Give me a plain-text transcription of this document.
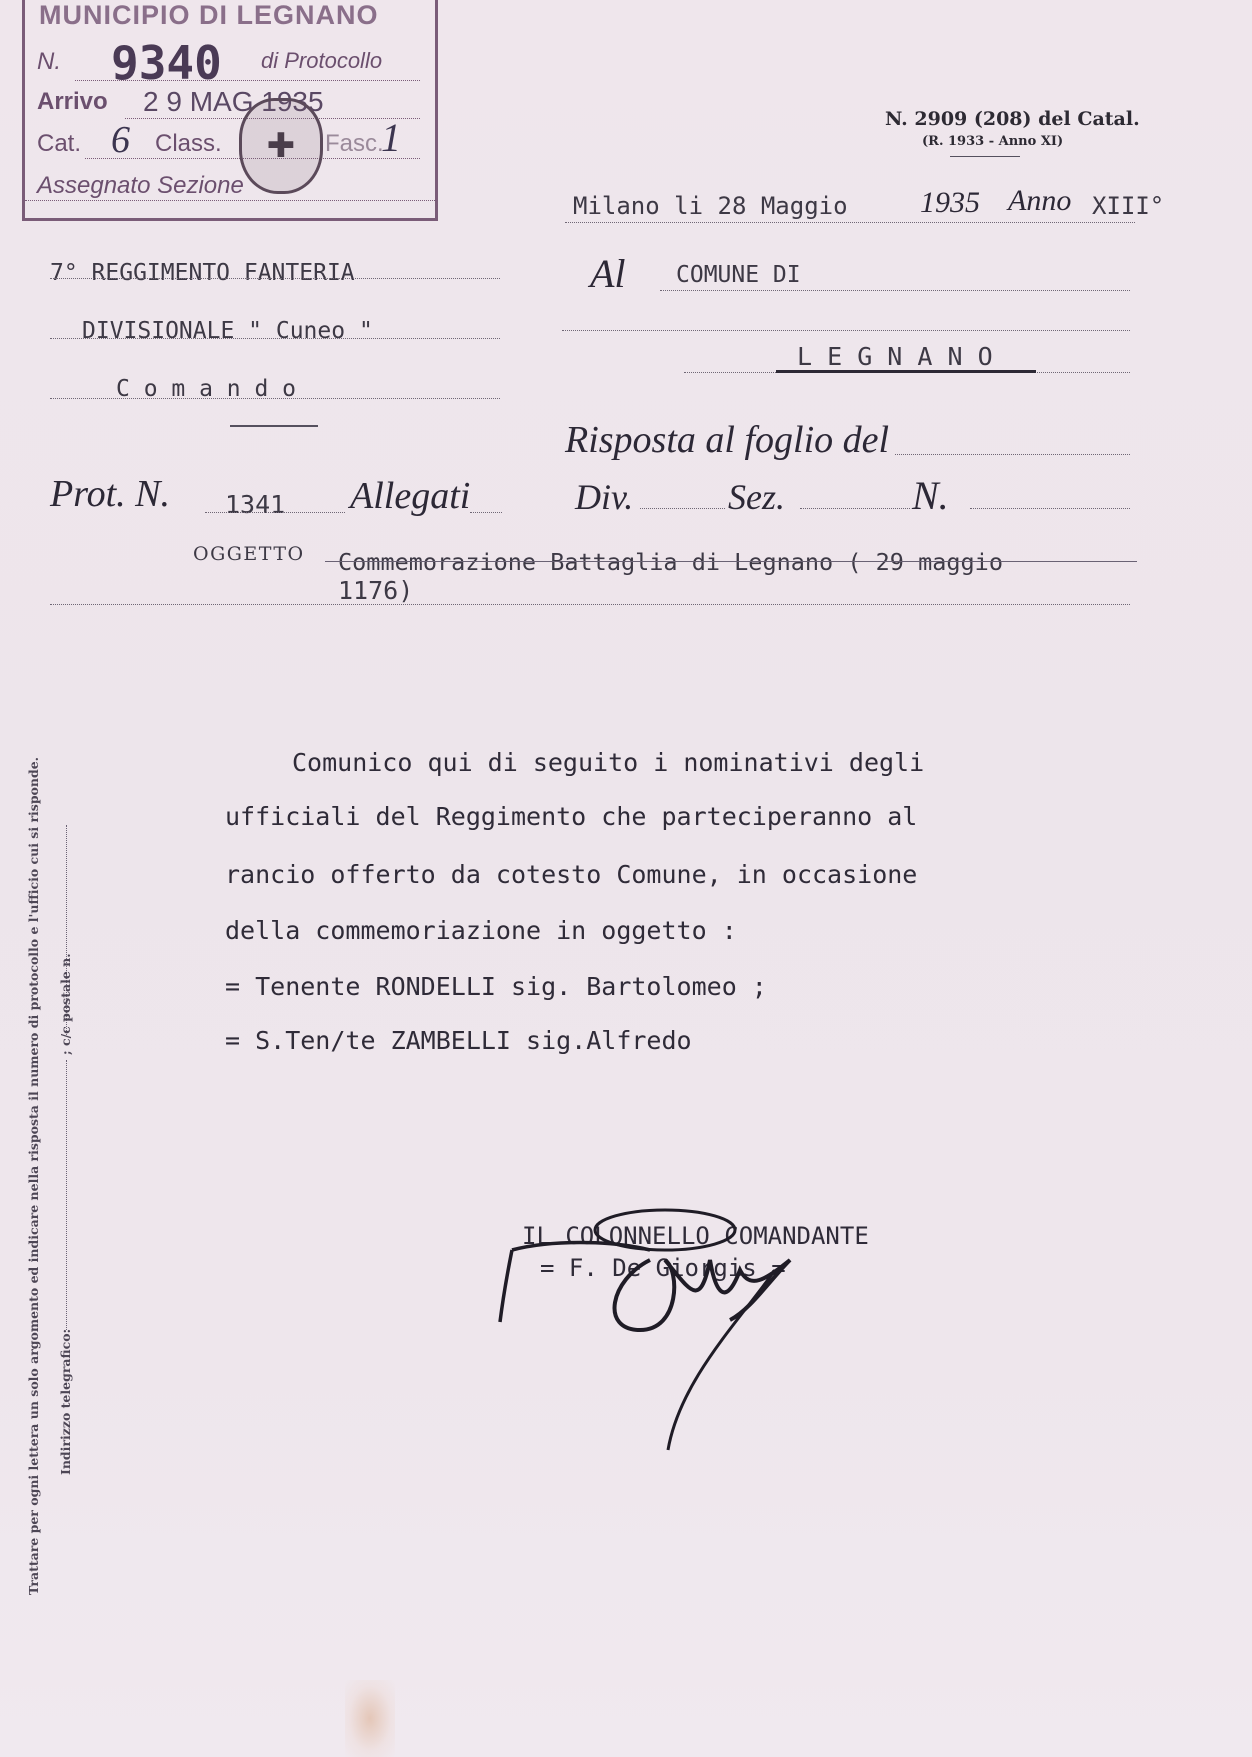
MUNICIPIO DI LEGNANO
N. 9340 di Protocollo
Arrivo 2 9 MAG 1935
Cat. 6 Class.	Fasc.
1
Assegnato Sezione
✚
N. 2909 (208) del Catal.
(R. 1933 - Anno XI)
Milano li 28 Maggio 1935 Anno XIII°
7° REGGIMENTO FANTERIA
DIVISIONALE " Cuneo "
C o m a n d o
Al COMUNE DI
L E G N A N O
Risposta al foglio del
Div.	Sez.	N.
Prot. N. 1341 Allegati
OGGETTO Commemorazione Battaglia di Legnano ( 29 maggio
1176)
Comunico qui di seguito i nominativi degli
ufficiali del Reggimento che parteciperanno al
rancio offerto da cotesto Comune, in occasione
della commemoriazione in oggetto :
= Tenente RONDELLI sig. Bartolomeo ;
= S.Ten/te ZAMBELLI sig.Alfredo
IL COLONNELLO COMANDANTE
= F. De Giorgis =
Trattare per ogni lettera un solo argomento ed indicare nella risposta il numero di protocollo e l'ufficio cui si risponde. Indirizzo telegrafico:
; c/c postale n.
